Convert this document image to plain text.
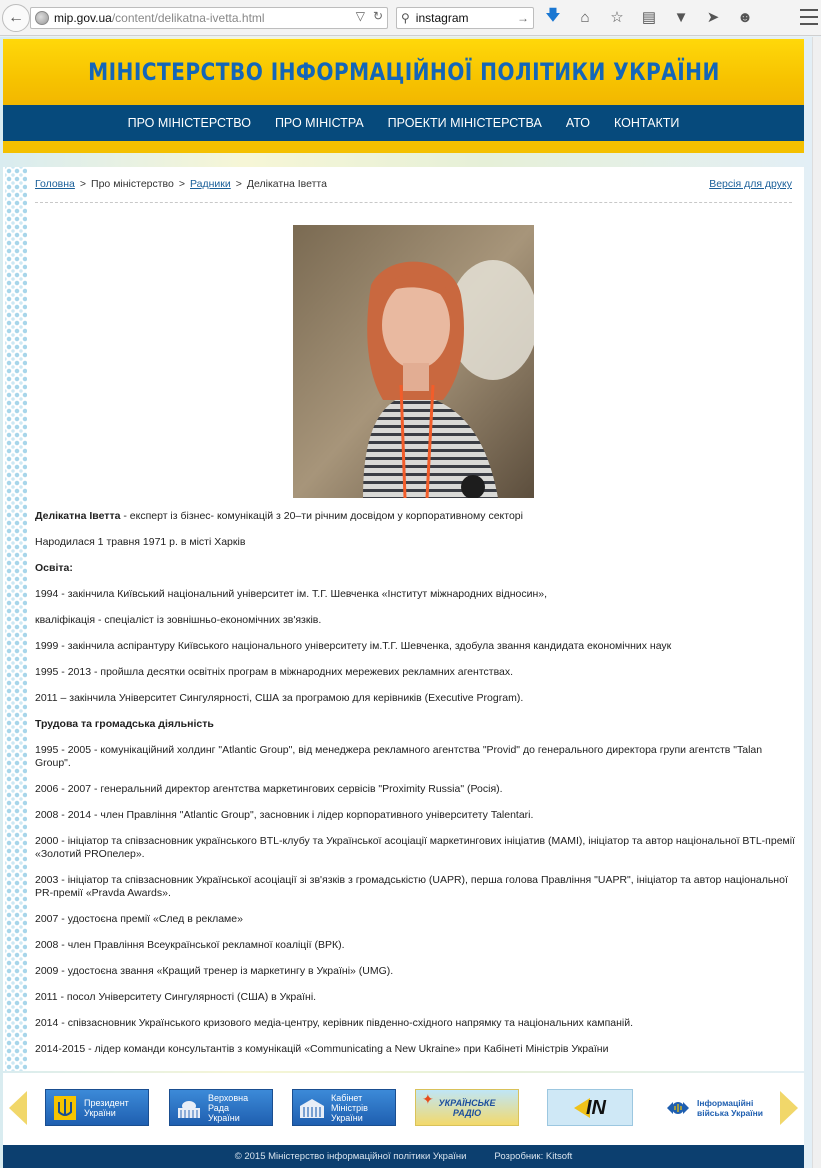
←	mip.gov.ua /content/delikatna-ivetta.html	▽ ↻ ⚲ instagram	→ 🡇	⌂	☆ ▤ ▼ ➤ ☻
МІНІСТЕРСТВО ІНФОРМАЦІЙНОЇ ПОЛІТИКИ УКРАЇНИ
ПРО МІНІСТЕРСТВО	ПРО МІНІСТРА	ПРОЕКТИ МІНІСТЕРСТВА	АТО	КОНТАКТИ
Головна > Про міністерство > Радники > Делікатна Іветта	Версія для друку

Делікатна Іветта - експерт із бізнес- комунікацій з 20–ти річним досвідом у корпоративному секторі

Народилася 1 травня 1971 р. в місті Харків

Освіта:

1994 - закінчила Київський національний університет ім. Т.Г. Шевченка «Інститут міжнародних відносин»,

кваліфікація - спеціаліст із зовнішньо-економічних зв'язків.

1999 - закінчила аспірантуру Київського національного університету ім.Т.Г. Шевченка, здобула звання кандидата економічних наук

1995 - 2013 - пройшла десятки освітніх програм в міжнародних мережевих рекламних агентствах.

2011 – закінчила Університет Сингулярності, США за програмою для керівників (Executive Program).

Трудова та громадська діяльність

1995 - 2005 - комунікаційний холдинг "Atlantic Group", від менеджера рекламного агентства "Provid" до генерального директора групи агентств "Talan Group".

2006 - 2007 - генеральний директор агентства маркетингових сервісів "Proximity Russia" (Росія).

2008 - 2014 - член Правління "Atlantic Group", засновник і лідер корпоративного університету Talentari.

2000 - ініціатор та співзасновник українського BTL-клубу та Української асоціації маркетингових ініціатив (МАМІ), ініціатор та автор національної BTL-премії «Золотий PROпелер».

2003 - ініціатор та співзасновник Української асоціації зі зв'язків з громадськістю (UAPR), перша голова Правління "UAPR", ініціатор та автор національної PR-премії «Pravda Awards».

2007 - удостоєна премії «След в рекламе»

2008 - член Правління Всеукраїнської рекламної коаліції (ВРК).

2009 - удостоєна звання «Кращий тренер із маркетингу в Україні» (UMG).

2011 - посол Університету Сингулярності (США) в Україні.

2014 - співзасновник Українського кризового медіа-центру, керівник південно-східного напрямку та національних кампаній.

2014-2015 - лідер команди консультантів з комунікацій «Communicating a New Ukraine» при Кабінеті Міністрів України

Президент
України
Верховна
Рада
України
Кабінет
Міністрів
України
✦ УКРАЇНСЬКЕ
РАДІО	IN	Інформаційні
війська України
© 2015 Міністерство інформаційної політики України	Розробник: Kitsoft
